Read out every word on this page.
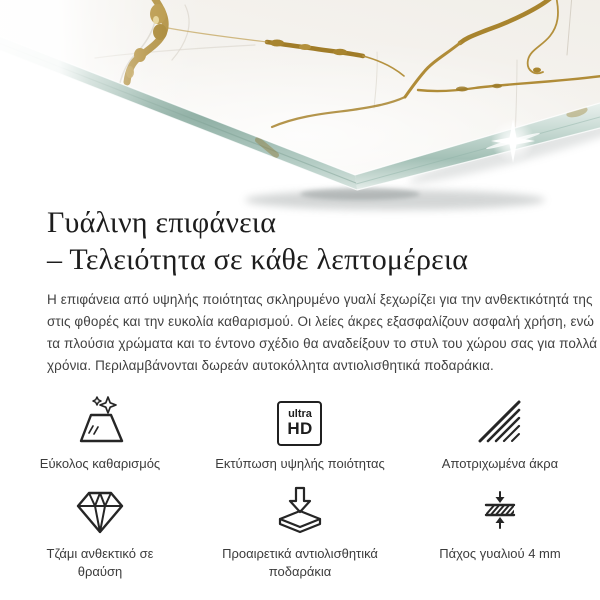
Γυάλινη επιφάνεια
– Τελειότητα σε κάθε λεπτομέρεια

Η επιφάνεια από υψηλής ποιότητας σκληρυμένο γυαλί ξεχωρίζει για την ανθεκτικότητά της
στις φθορές και την ευκολία καθαρισμού. Οι λείες άκρες εξασφαλίζουν ασφαλή χρήση, ενώ
τα πλούσια χρώματα και το έντονο σχέδιο θα αναδείξουν το στυλ του χώρου σας για πολλά
χρόνια. Περιλαμβάνονται δωρεάν αυτοκόλλητα αντιολισθητικά ποδαράκια.

Εύκολος καθαρισμός
ultra
HD
Εκτύπωση υψηλής ποιότητας	Αποτριχωμένα άκρα
Τζάμι ανθεκτικό σε θραύση
Προαιρετικά αντιολισθητικά ποδαράκια
Πάχος γυαλιού 4 mm
